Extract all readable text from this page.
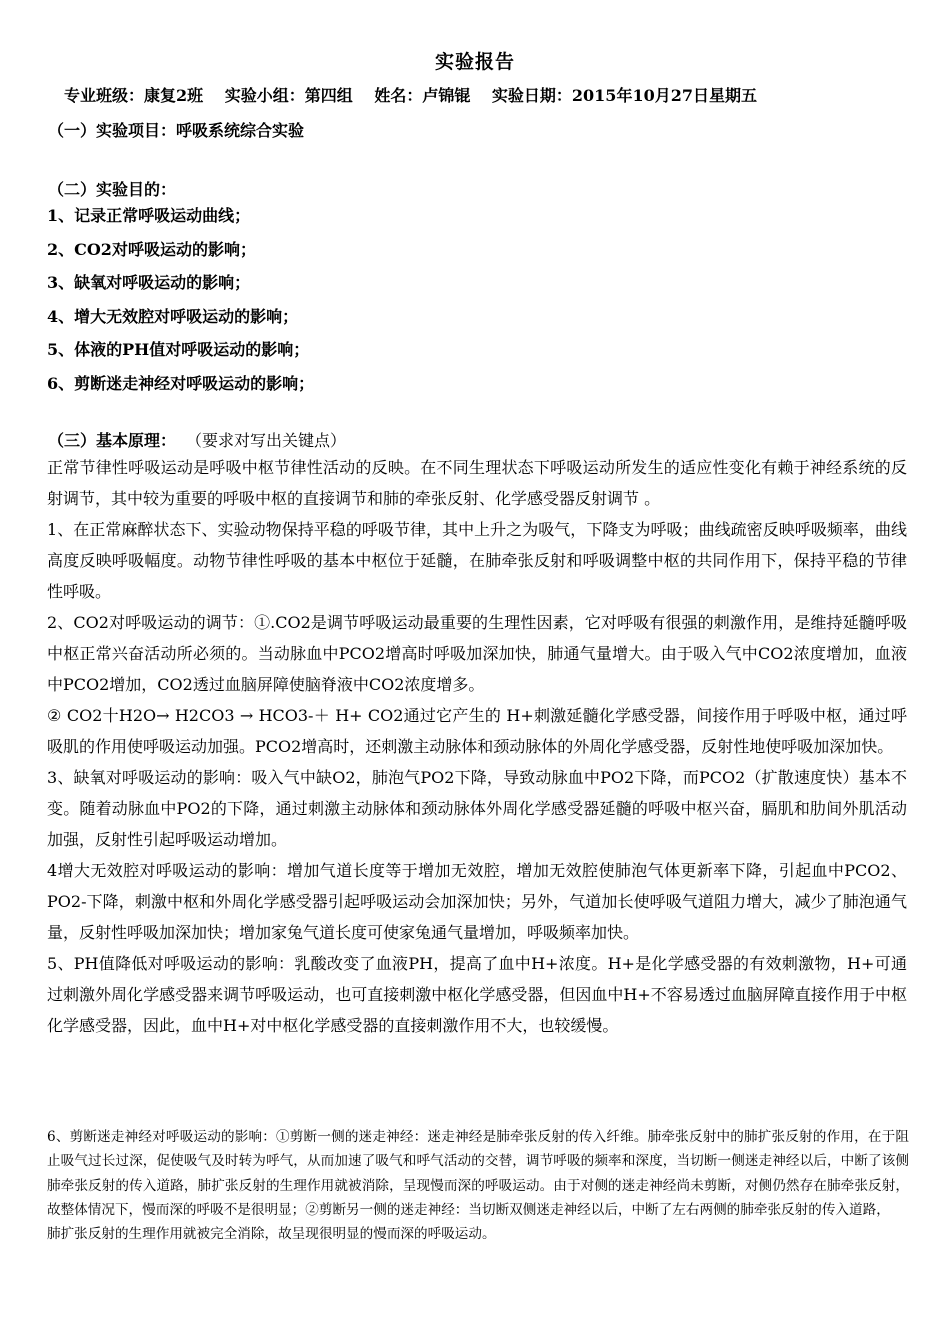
实验报告
专业班级：康复2班 实验小组：第四组 姓名：卢锦锟 实验日期：2015年10月27日星期五
（一）实验项目：呼吸系统综合实验
（二）实验目的：
1、记录正常呼吸运动曲线；
2、CO2对呼吸运动的影响；
3、缺氧对呼吸运动的影响；
4、增大无效腔对呼吸运动的影响；
5、体液的PH值对呼吸运动的影响；
6、剪断迷走神经对呼吸运动的影响；
（三）基本原理： （要求对写出关键点）

正常节律性呼吸运动是呼吸中枢节律性活动的反映。在不同生理状态下呼吸运动所发生的适应性变化有赖于神经系统的反射调节，其中较为重要的呼吸中枢的直接调节和肺的牵张反射、化学感受器反射调节 。

1、在正常麻醉状态下、实验动物保持平稳的呼吸节律，其中上升之为吸气，下降支为呼吸；曲线疏密反映呼吸频率，曲线高度反映呼吸幅度。动物节律性呼吸的基本中枢位于延髓，在肺牵张反射和呼吸调整中枢的共同作用下，保持平稳的节律性呼吸。

2、CO2对呼吸运动的调节：①.CO2是调节呼吸运动最重要的生理性因素，它对呼吸有很强的刺激作用，是维持延髓呼吸中枢正常兴奋活动所必须的。当动脉血中PCO2增高时呼吸加深加快，肺通气量增大。由于吸入气中CO2浓度增加，血液中PCO2增加，CO2透过血脑屏障使脑脊液中CO2浓度增多。

② CO2十H2O→ H2CO3 → HCO3-＋ H+ CO2通过它产生的 H+刺激延髓化学感受器，间接作用于呼吸中枢，通过呼吸肌的作用使呼吸运动加强。PCO2增高时，还刺激主动脉体和颈动脉体的外周化学感受器，反射性地使呼吸加深加快。

3、缺氧对呼吸运动的影响：吸入气中缺O2，肺泡气PO2下降，导致动脉血中PO2下降，而PCO2（扩散速度快）基本不变。随着动脉血中PO2的下降，通过刺激主动脉体和颈动脉体外周化学感受器延髓的呼吸中枢兴奋，膈肌和肋间外肌活动加强，反射性引起呼吸运动增加。

4增大无效腔对呼吸运动的影响：增加气道长度等于增加无效腔，增加无效腔使肺泡气体更新率下降，引起血中PCO2、PO2-下降，刺激中枢和外周化学感受器引起呼吸运动会加深加快；另外，气道加长使呼吸气道阻力增大，减少了肺泡通气量，反射性呼吸加深加快；增加家兔气道长度可使家兔通气量增加，呼吸频率加快。

5、PH值降低对呼吸运动的影响：乳酸改变了血液PH，提高了血中H+浓度。H+是化学感受器的有效刺激物，H+可通过刺激外周化学感受器来调节呼吸运动，也可直接刺激中枢化学感受器，但因血中H+不容易透过血脑屏障直接作用于中枢化学感受器，因此，血中H+对中枢化学感受器的直接刺激作用不大，也较缓慢。

6、剪断迷走神经对呼吸运动的影响：①剪断一侧的迷走神经：迷走神经是肺牵张反射的传入纤维。肺牵张反射中的肺扩张反射的作用，在于阻止吸气过长过深，促使吸气及时转为呼气，从而加速了吸气和呼气活动的交替，调节呼吸的频率和深度，当切断一侧迷走神经以后，中断了该侧肺牵张反射的传入道路，肺扩张反射的生理作用就被消除，呈现慢而深的呼吸运动。由于对侧的迷走神经尚未剪断，对侧仍然存在肺牵张反射，故整体情况下，慢而深的呼吸不是很明显；②剪断另一侧的迷走神经：当切断双侧迷走神经以后，中断了左右两侧的肺牵张反射的传入道路，

肺扩张反射的生理作用就被完全消除，故呈现很明显的慢而深的呼吸运动。
